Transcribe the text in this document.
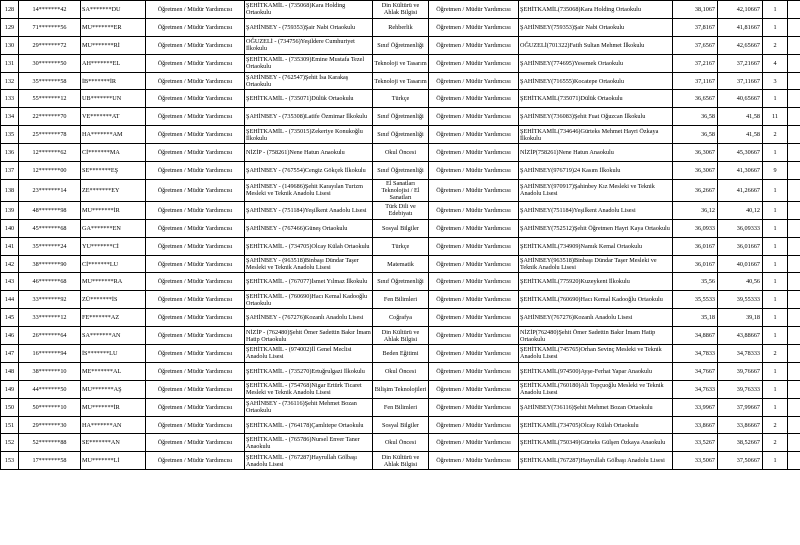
128	14*******42	SA*******DU	Öğretmen / Müdür Yardımcısı	ŞEHİTKAMİL - (735068)Kara Holding Ortaokulu	Din Kültürü ve Ahlak Bilgisi	Öğretmen / Müdür Yardımcısı	ŞEHİTKAMİL(735068)Kara Holding Ortaokulu	38,1067	42,10667	1	
129	71*******56	MU*******ER	Öğretmen / Müdür Yardımcısı	ŞAHİNBEY - (759353)Şair Nabi Ortaokulu	Rehberlik	Öğretmen / Müdür Yardımcısı	ŞAHİNBEY(759353)Şair Nabi Ortaokulu	37,8167	41,81667	1	
130	29*******72	MU*******Rİ	Öğretmen / Müdür Yardımcısı	OĞUZELİ - (734756)Yeşildere Cumhuriyet İlkokulu	Sınıf Öğretmenliği	Öğretmen / Müdür Yardımcısı	OĞUZELİ(701322)Fatih Sultan Mehmet İlkokulu	37,6567	42,65667	2	
131	30*******50	AH*******EL	Öğretmen / Müdür Yardımcısı	ŞEHİTKAMİL - (735309)Emine Mustafa Tezel Ortaokulu	Teknoloji ve Tasarım	Öğretmen / Müdür Yardımcısı	ŞAHİNBEY(774695)Yesemek Ortaokulu	37,2167	37,21667	4	
132	35*******58	İB*******İR	Öğretmen / Müdür Yardımcısı	ŞAHİNBEY - (762547)Şehit İsa Karakaş Ortaokulu	Teknoloji ve Tasarım	Öğretmen / Müdür Yardımcısı	ŞAHİNBEY(716555)Kocatepe Ortaokulu	37,1167	37,11667	3	
133	55*******12	UB*******UN	Öğretmen / Müdür Yardımcısı	ŞEHİTKAMİL - (735071)Dülük Ortaokulu	Türkçe	Öğretmen / Müdür Yardımcısı	ŞEHİTKAMİL(735071)Dülük Ortaokulu	36,6567	40,65667	1	
134	22*******70	VE*******AT	Öğretmen / Müdür Yardımcısı	ŞAHİNBEY - (735308)Latife Özmimar İlkokulu	Sınıf Öğretmenliği	Öğretmen / Müdür Yardımcısı	ŞAHİNBEY(736083)Şehit Fuat Oğuzcan İlkokulu	36,58	41,58	11	
135	25*******78	HA*******AM	Öğretmen / Müdür Yardımcısı	ŞEHİTKAMİL - (735015)Zekeriye Konukoğlu İlkokulu	Sınıf Öğretmenliği	Öğretmen / Müdür Yardımcısı	ŞEHİTKAMİL(734646)Gürteks Mehmet Hayri Özkaya İlkokulu	36,58	41,58	2	
136	12*******62	Cİ*******MA	Öğretmen / Müdür Yardımcısı	NİZİP - (758261)Nene Hatun Anaokulu	Okul Öncesi	Öğretmen / Müdür Yardımcısı	NİZİP(758261)Nene Hatun Anaokulu	36,3067	45,30667	1	
137	12*******00	SE*******EŞ	Öğretmen / Müdür Yardımcısı	ŞAHİNBEY - (767554)Cengiz Gökçek İlkokulu	Sınıf Öğretmenliği	Öğretmen / Müdür Yardımcısı	ŞAHİNBEY(976719)24 Kasım İlkokulu	36,3067	41,30667	9	
138	23*******14	ZE*******EY	Öğretmen / Müdür Yardımcısı	ŞAHİNBEY - (149686)Şehit Karayılan Turizm Mesleki ve Teknik Anadolu Lisesi	El Sanatları Teknolojisi / El Sanatları	Öğretmen / Müdür Yardımcısı	ŞAHİNBEY(970917)Şahinbey Kız Mesleki ve Teknik Anadolu Lisesi	36,2667	41,26667	1	
139	48*******98	MU*******İR	Öğretmen / Müdür Yardımcısı	ŞAHİNBEY - (751184)Yeşilkent Anadolu Lisesi	Türk Dili ve Edebiyatı	Öğretmen / Müdür Yardımcısı	ŞAHİNBEY(751184)Yeşilkent Anadolu Lisesi	36,12	40,12	1	
140	45*******68	GA*******EN	Öğretmen / Müdür Yardımcısı	ŞAHİNBEY - (767466)Güneş Ortaokulu	Sosyal Bilgiler	Öğretmen / Müdür Yardımcısı	ŞAHİNBEY(752512)Şehit Öğretmen Hayri Kaya Ortaokulu	36,0933	36,09333	1	
141	35*******24	YU*******Cİ	Öğretmen / Müdür Yardımcısı	ŞEHİTKAMİL - (734705)Olcay Külah Ortaokulu	Türkçe	Öğretmen / Müdür Yardımcısı	ŞEHİTKAMİL(734909)Namık Kemal Ortaokulu	36,0167	36,01667	1	
142	38*******90	Cİ*******LU	Öğretmen / Müdür Yardımcısı	ŞAHİNBEY - (963518)Binbaşı Dündar Taşer Mesleki ve Teknik Anadolu Lisesi	Matematik	Öğretmen / Müdür Yardımcısı	ŞAHİNBEY(963518)Binbaşı Dündar Taşer Mesleki ve Teknik Anadolu Lisesi	36,0167	40,01667	1	
143	46*******68	MU*******RA	Öğretmen / Müdür Yardımcısı	ŞEHİTKAMİL - (767077)İsmet Yılmaz İlkokulu	Sınıf Öğretmenliği	Öğretmen / Müdür Yardımcısı	ŞEHİTKAMİL(775920)Kuzeykent İlkokulu	35,56	40,56	1	
144	33*******92	ZÜ*******İS	Öğretmen / Müdür Yardımcısı	ŞEHİTKAMİL - (760690)Hacı Kemal Kadooğlu Ortaokulu	Fen Bilimleri	Öğretmen / Müdür Yardımcısı	ŞEHİTKAMİL(760690)Hacı Kemal Kadooğlu Ortaokulu	35,5533	39,55333	1	
145	33*******12	FE*******AZ	Öğretmen / Müdür Yardımcısı	ŞAHİNBEY - (767276)Kozanlı Anadolu Lisesi	Coğrafya	Öğretmen / Müdür Yardımcısı	ŞAHİNBEY(767276)Kozanlı Anadolu Lisesi	35,18	39,18	1	
146	26*******64	SA*******AN	Öğretmen / Müdür Yardımcısı	NİZİP - (762480)Şehit Ömer Sadettin Bakır İmam Hatip Ortaokulu	Din Kültürü ve Ahlak Bilgisi	Öğretmen / Müdür Yardımcısı	NİZİP(762480)Şehit Ömer Sadettin Bakır İmam Hatip Ortaokulu	34,8867	43,88667	1	
147	16*******94	İS*******LU	Öğretmen / Müdür Yardımcısı	ŞEHİTKAMİL - (974002)İl Genel Meclisi Anadolu Lisesi	Beden Eğitimi	Öğretmen / Müdür Yardımcısı	ŞEHİTKAMİL(745765)Orhan Sevinç Mesleki ve Teknik Anadolu Lisesi	34,7833	34,78333	2	
148	38*******10	ME*******AL	Öğretmen / Müdür Yardımcısı	ŞEHİTKAMİL - (735270)Ertuğrulgazi İlkokulu	Okul Öncesi	Öğretmen / Müdür Yardımcısı	ŞEHİTKAMİL(974500)Ayşe-Ferhat Yapar Anaokulu	34,7667	39,76667	1	
149	44*******50	MU*******AŞ	Öğretmen / Müdür Yardımcısı	ŞEHİTKAMİL - (754768)Nigar Ertürk Ticaret Mesleki ve Teknik Anadolu Lisesi	Bilişim Teknolojileri	Öğretmen / Müdür Yardımcısı	ŞEHİTKAMİL(760180)Ali Topçuoğlu Mesleki ve Teknik Anadolu Lisesi	34,7633	39,76333	1	
150	50*******10	MU*******İR	Öğretmen / Müdür Yardımcısı	ŞAHİNBEY - (736116)Şehit Mehmet Bozan Ortaokulu	Fen Bilimleri	Öğretmen / Müdür Yardımcısı	ŞAHİNBEY(736116)Şehit Mehmet Bozan Ortaokulu	33,9967	37,99667	1	
151	29*******30	HA*******AN	Öğretmen / Müdür Yardımcısı	ŞEHİTKAMİL - (764178)Çamlıtepe Ortaokulu	Sosyal Bilgiler	Öğretmen / Müdür Yardımcısı	ŞEHİTKAMİL(734705)Olcay Külah Ortaokulu	33,8667	33,86667	2	
152	52*******88	SE*******AN	Öğretmen / Müdür Yardımcısı	ŞEHİTKAMİL - (765786)Nursel Enver Taner Anaokulu	Okul Öncesi	Öğretmen / Müdür Yardımcısı	ŞEHİTKAMİL(750349)Gürteks Gülşen Özkaya Anaokulu	33,5267	38,52667	2	
153	17*******58	MU*******Lİ	Öğretmen / Müdür Yardımcısı	ŞEHİTKAMİL - (767287)Hayrullah Gölbaşı Anadolu Lisesi	Din Kültürü ve Ahlak Bilgisi	Öğretmen / Müdür Yardımcısı	ŞEHİTKAMİL(767287)Hayrullah Gölbaşı Anadolu Lisesi	33,5067	37,50667	1	
